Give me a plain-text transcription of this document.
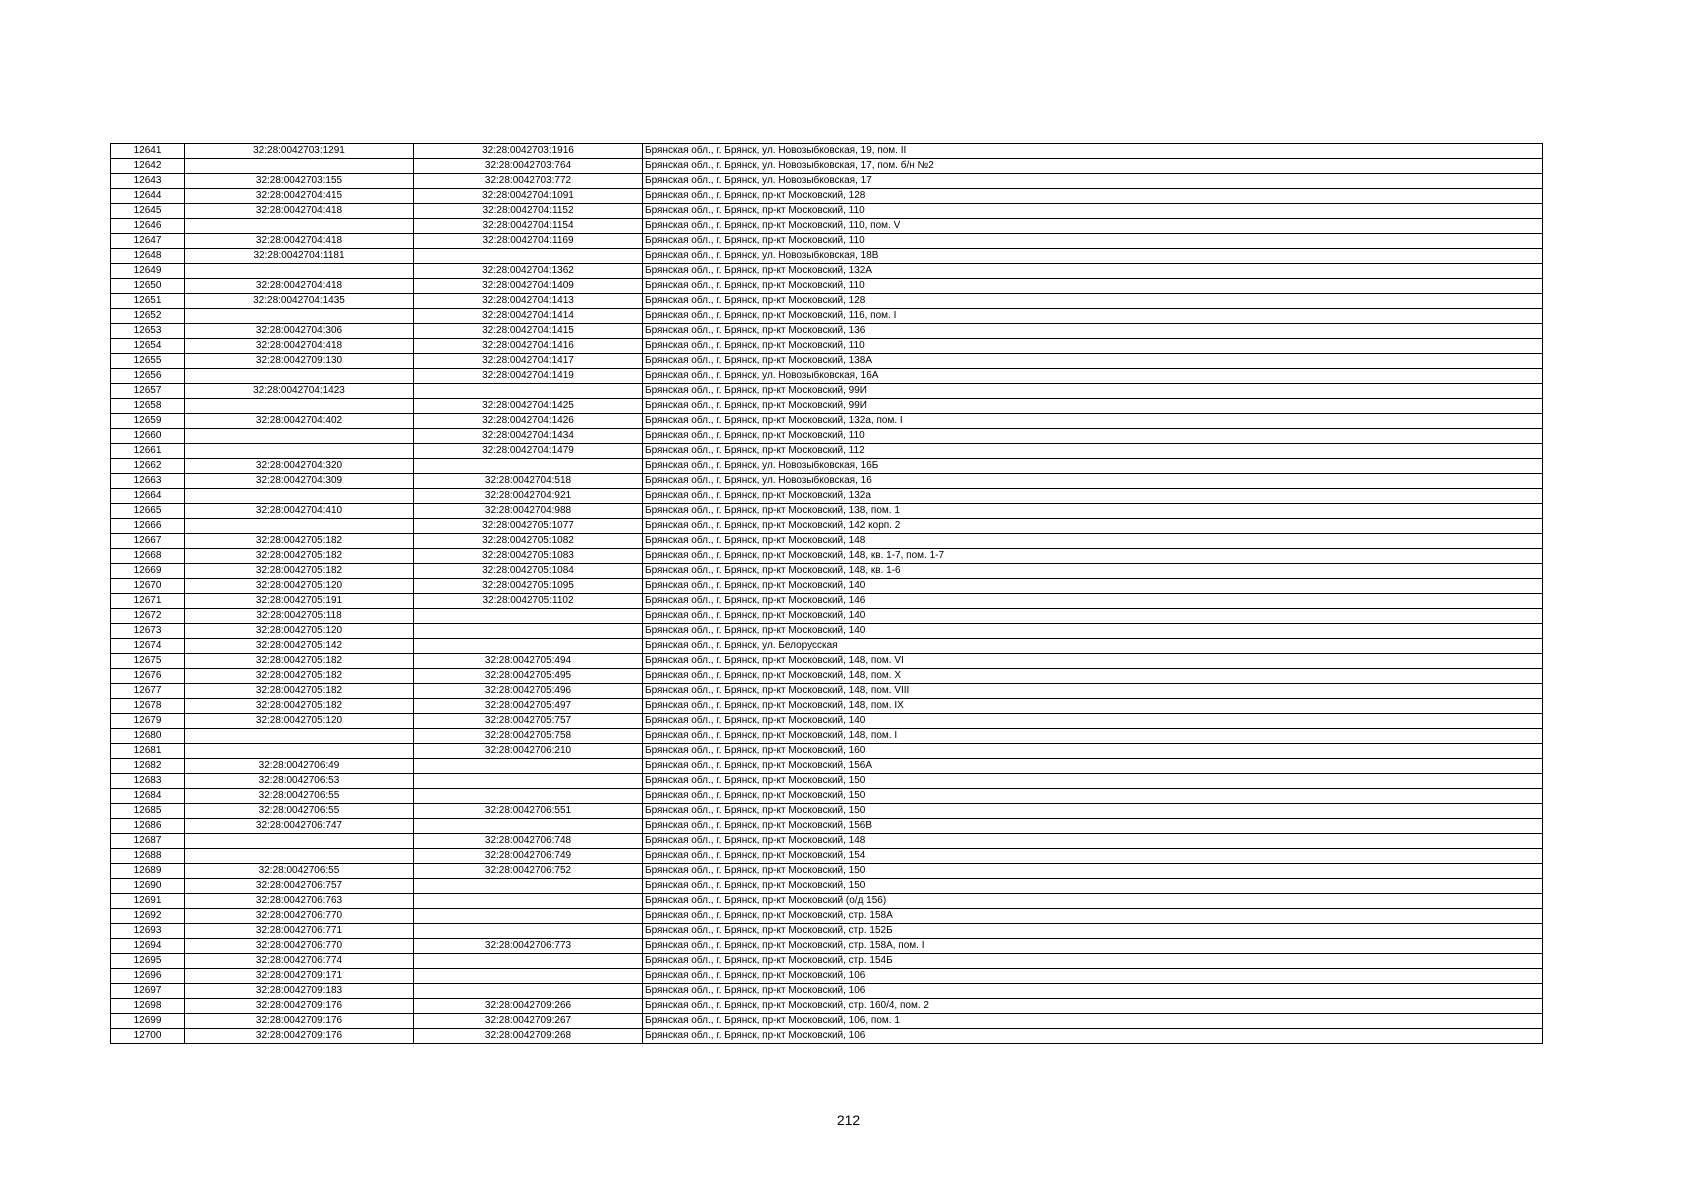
12641	32:28:0042703:1291	32:28:0042703:1916	Брянская обл., г. Брянск, ул. Новозыбковская, 19, пом. II
12642		32:28:0042703:764	Брянская обл., г. Брянск, ул. Новозыбковская, 17, пом. б/н №2
12643	32:28:0042703:155	32:28:0042703:772	Брянская обл., г. Брянск, ул. Новозыбковская, 17
12644	32:28:0042704:415	32:28:0042704:1091	Брянская обл., г. Брянск, пр-кт Московский, 128
12645	32:28:0042704:418	32:28:0042704:1152	Брянская обл., г. Брянск, пр-кт Московский, 110
12646		32:28:0042704:1154	Брянская обл., г. Брянск, пр-кт Московский, 110, пом. V
12647	32:28:0042704:418	32:28:0042704:1169	Брянская обл., г. Брянск, пр-кт Московский, 110
12648	32:28:0042704:1181		Брянская обл., г. Брянск, ул. Новозыбковская, 18В
12649		32:28:0042704:1362	Брянская обл., г. Брянск, пр-кт Московский, 132А
12650	32:28:0042704:418	32:28:0042704:1409	Брянская обл., г. Брянск, пр-кт Московский, 110
12651	32:28:0042704:1435	32:28:0042704:1413	Брянская обл., г. Брянск, пр-кт Московский, 128
12652		32:28:0042704:1414	Брянская обл., г. Брянск, пр-кт Московский, 116, пом. I
12653	32:28:0042704:306	32:28:0042704:1415	Брянская обл., г. Брянск, пр-кт Московский, 136
12654	32:28:0042704:418	32:28:0042704:1416	Брянская обл., г. Брянск, пр-кт Московский, 110
12655	32:28:0042709:130	32:28:0042704:1417	Брянская обл., г. Брянск, пр-кт Московский, 138А
12656		32:28:0042704:1419	Брянская обл., г. Брянск, ул. Новозыбковская, 16А
12657	32:28:0042704:1423		Брянская обл., г. Брянск, пр-кт Московский, 99И
12658		32:28:0042704:1425	Брянская обл., г. Брянск, пр-кт Московский, 99И
12659	32:28:0042704:402	32:28:0042704:1426	Брянская обл., г. Брянск, пр-кт Московский, 132а, пом. I
12660		32:28:0042704:1434	Брянская обл., г. Брянск, пр-кт Московский, 110
12661		32:28:0042704:1479	Брянская обл., г. Брянск, пр-кт Московский, 112
12662	32:28:0042704:320		Брянская обл., г. Брянск, ул. Новозыбковская, 16Б
12663	32:28:0042704:309	32:28:0042704:518	Брянская обл., г. Брянск, ул. Новозыбковская, 16
12664		32:28:0042704:921	Брянская обл., г. Брянск, пр-кт Московский, 132а
12665	32:28:0042704:410	32:28:0042704:988	Брянская обл., г. Брянск, пр-кт Московский, 138, пом. 1
12666		32:28:0042705:1077	Брянская обл., г. Брянск, пр-кт Московский, 142 корп. 2
12667	32:28:0042705:182	32:28:0042705:1082	Брянская обл., г. Брянск, пр-кт Московский, 148
12668	32:28:0042705:182	32:28:0042705:1083	Брянская обл., г. Брянск, пр-кт Московский, 148, кв. 1-7, пом. 1-7
12669	32:28:0042705:182	32:28:0042705:1084	Брянская обл., г. Брянск, пр-кт Московский, 148, кв. 1-6
12670	32:28:0042705:120	32:28:0042705:1095	Брянская обл., г. Брянск, пр-кт Московский, 140
12671	32:28:0042705:191	32:28:0042705:1102	Брянская обл., г. Брянск, пр-кт Московский, 146
12672	32:28:0042705:118		Брянская обл., г. Брянск, пр-кт Московский, 140
12673	32:28:0042705:120		Брянская обл., г. Брянск, пр-кт Московский, 140
12674	32:28:0042705:142		Брянская обл., г. Брянск, ул. Белорусская
12675	32:28:0042705:182	32:28:0042705:494	Брянская обл., г. Брянск, пр-кт Московский, 148, пом. VI
12676	32:28:0042705:182	32:28:0042705:495	Брянская обл., г. Брянск, пр-кт Московский, 148, пом. X
12677	32:28:0042705:182	32:28:0042705:496	Брянская обл., г. Брянск, пр-кт Московский, 148, пом. VIII
12678	32:28:0042705:182	32:28:0042705:497	Брянская обл., г. Брянск, пр-кт Московский, 148, пом. IX
12679	32:28:0042705:120	32:28:0042705:757	Брянская обл., г. Брянск, пр-кт Московский, 140
12680		32:28:0042705:758	Брянская обл., г. Брянск, пр-кт Московский, 148, пом. I
12681		32:28:0042706:210	Брянская обл., г. Брянск, пр-кт Московский, 160
12682	32:28:0042706:49		Брянская обл., г. Брянск, пр-кт Московский, 156А
12683	32:28:0042706:53		Брянская обл., г. Брянск, пр-кт Московский, 150
12684	32:28:0042706:55		Брянская обл., г. Брянск, пр-кт Московский, 150
12685	32:28:0042706:55	32:28:0042706:551	Брянская обл., г. Брянск, пр-кт Московский, 150
12686	32:28:0042706:747		Брянская обл., г. Брянск, пр-кт Московский, 156В
12687		32:28:0042706:748	Брянская обл., г. Брянск, пр-кт Московский, 148
12688		32:28:0042706:749	Брянская обл., г. Брянск, пр-кт Московский, 154
12689	32:28:0042706:55	32:28:0042706:752	Брянская обл., г. Брянск, пр-кт Московский, 150
12690	32:28:0042706:757		Брянская обл., г. Брянск, пр-кт Московский, 150
12691	32:28:0042706:763		Брянская обл., г. Брянск, пр-кт Московский (о/д 156)
12692	32:28:0042706:770		Брянская обл., г. Брянск, пр-кт Московский, стр. 158А
12693	32:28:0042706:771		Брянская обл., г. Брянск, пр-кт Московский, стр. 152Б
12694	32:28:0042706:770	32:28:0042706:773	Брянская обл., г. Брянск, пр-кт Московский, стр. 158А, пом. I
12695	32:28:0042706:774		Брянская обл., г. Брянск, пр-кт Московский, стр. 154Б
12696	32:28:0042709:171		Брянская обл., г. Брянск, пр-кт Московский, 106
12697	32:28:0042709:183		Брянская обл., г. Брянск, пр-кт Московский, 106
12698	32:28:0042709:176	32:28:0042709:266	Брянская обл., г. Брянск, пр-кт Московский, стр. 160/4, пом. 2
12699	32:28:0042709:176	32:28:0042709:267	Брянская обл., г. Брянск, пр-кт Московский, 106, пом. 1
12700	32:28:0042709:176	32:28:0042709:268	Брянская обл., г. Брянск, пр-кт Московский, 106
212
